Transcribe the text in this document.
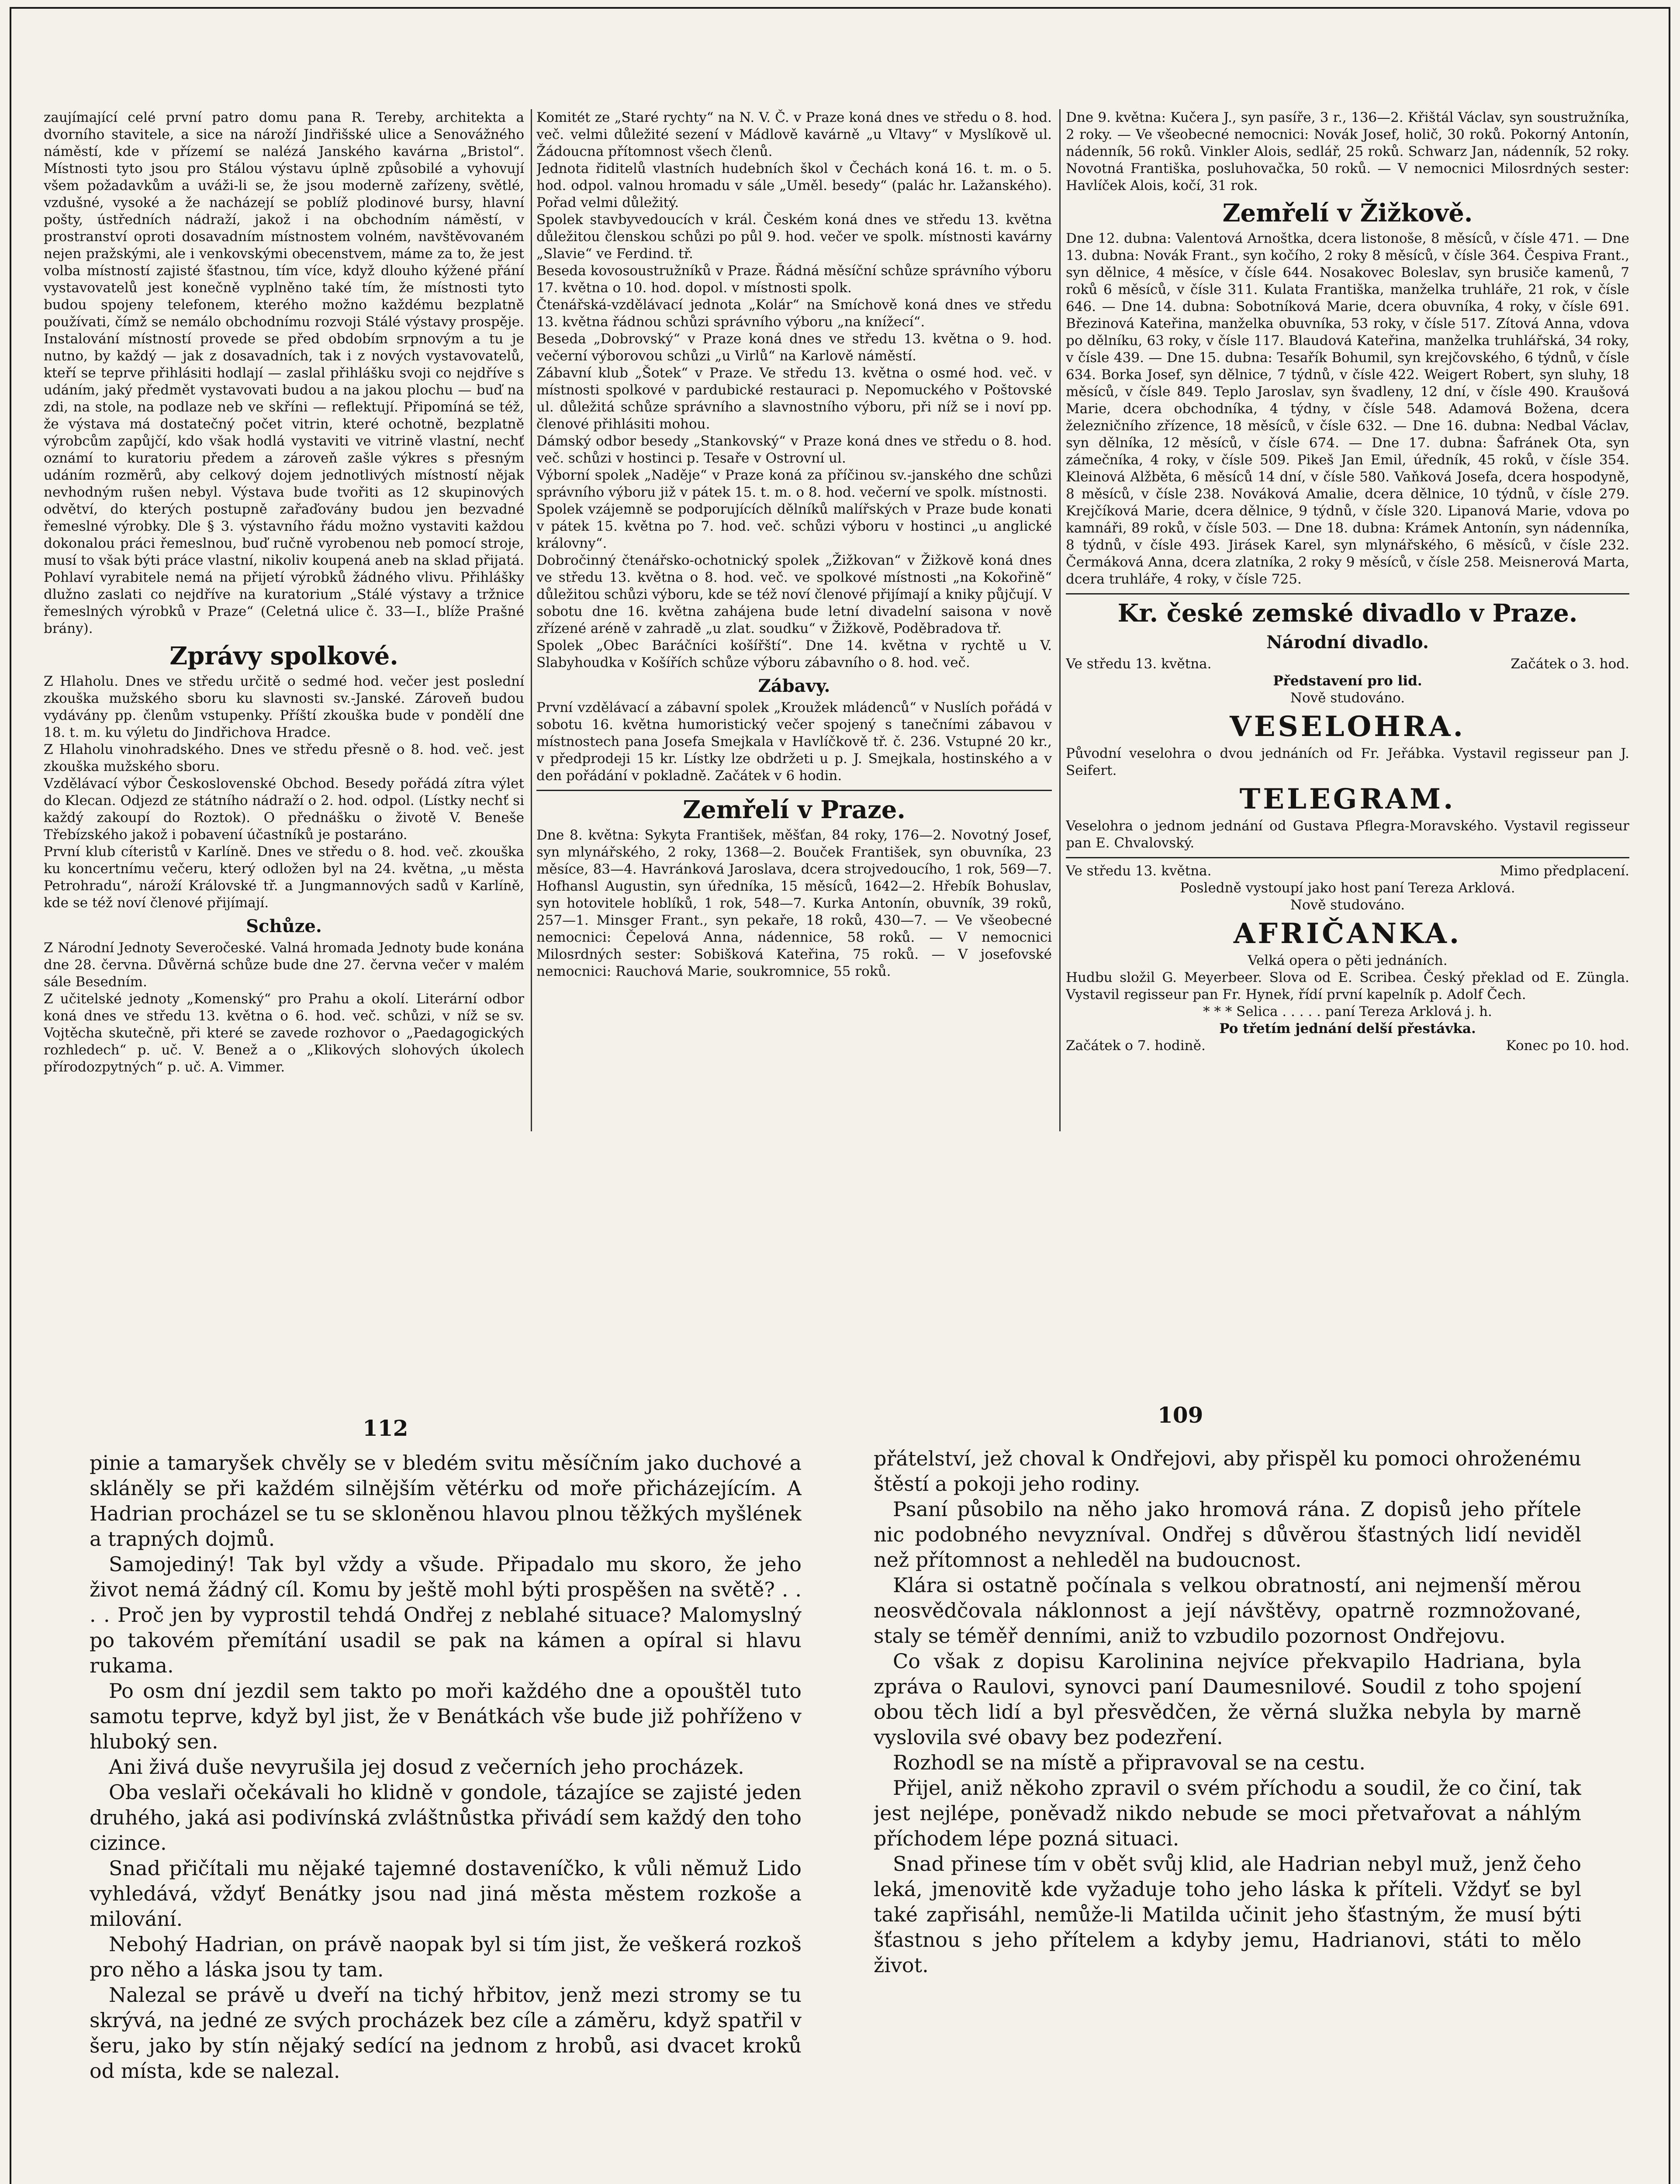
zaujímající celé první patro domu pana R. Tereby, architekta a dvorního stavitele, a sice na nároží Jindřišské ulice a Senovážného náměstí, kde v přízemí se nalézá Janského kavárna „Bristol“. Místnosti tyto jsou pro Stálou výstavu úplně způsobilé a vyhovují všem požadavkům a uváži-li se, že jsou moderně zařízeny, světlé, vzdušné, vysoké a že nacházejí se poblíž plodinové bursy, hlavní pošty, ústředních nádraží, jakož i na obchodním náměstí, v prostranství oproti dosavadním místnostem volném, navštěvovaném nejen pražskými, ale i venkovskými obecenstvem, máme za to, že jest volba místností zajisté šťastnou, tím více, když dlouho kýžené přání vystavovatelů jest konečně vyplněno také tím, že místnosti tyto budou spojeny telefonem, kterého možno každému bezplatně používati, čímž se nemálo obchodnímu rozvoji Stálé výstavy prospěje. Instalování místností provede se před obdobím srpnovým a tu je nutno, by každý — jak z dosavadních, tak i z nových vystavovatelů, kteří se teprve přihlásiti hodlají — zaslal přihlášku svoji co nejdříve s udáním, jaký předmět vystavovati budou a na jakou plochu — buď na zdi, na stole, na podlaze neb ve skříni — reflektují. Připomíná se též, že výstava má dostatečný počet vitrin, které ochotně, bezplatně výrobcům zapůjčí, kdo však hodlá vystaviti ve vitrině vlastní, nechť oznámí to kuratoriu předem a zároveň zašle výkres s přesným udáním rozměrů, aby celkový dojem jednotlivých místností nějak nevhodným rušen nebyl. Výstava bude tvořiti as 12 skupinových odvětví, do kterých postupně zařaďovány budou jen bezvadné řemeslné výrobky. Dle § 3. výstavního řádu možno vystaviti každou dokonalou práci řemeslnou, buď ručně vyrobenou neb pomocí stroje, musí to však býti práce vlastní, nikoliv koupená aneb na sklad přijatá. Pohlaví vyrabitele nemá na přijetí výrobků žádného vlivu. Přihlášky dlužno zaslati co nejdříve na kuratorium „Stálé výstavy a tržnice řemeslných výrobků v Praze“ (Celetná ulice č. 33—I., blíže Prašné brány).

Zprávy spolkové.

Z Hlaholu. Dnes ve středu určitě o sedmé hod. večer jest poslední zkouška mužského sboru ku slavnosti sv.-Janské. Zároveň budou vydávány pp. členům vstupenky. Příští zkouška bude v pondělí dne 18. t. m. ku výletu do Jindřichova Hradce.

Z Hlaholu vinohradského. Dnes ve středu přesně o 8. hod. več. jest zkouška mužského sboru.

Vzdělávací výbor Československé Obchod. Besedy pořádá zítra výlet do Klecan. Odjezd ze státního nádraží o 2. hod. odpol. (Lístky nechť si každý zakoupí do Roztok). O přednášku o životě V. Beneše Třebízského jakož i pobavení účastníků je postaráno.

První klub cíteristů v Karlíně. Dnes ve středu o 8. hod. več. zkouška ku koncertnímu večeru, který odložen byl na 24. května, „u města Petrohradu“, nároží Královské tř. a Jungmannových sadů v Karlíně, kde se též noví členové přijímají.

Schůze.

Z Národní Jednoty Severočeské. Valná hromada Jednoty bude konána dne 28. června. Důvěrná schůze bude dne 27. června večer v malém sále Besedním.

Z učitelské jednoty „Komenský“ pro Prahu a okolí. Literární odbor koná dnes ve středu 13. května o 6. hod. več. schůzi, v níž se sv. Vojtěcha skutečně, při které se zavede rozhovor o „Paedagogických rozhledech“ p. uč. V. Benež a o „Klikových slohových úkolech přírodozpytných“ p. uč. A. Vimmer.

Komitét ze „Staré rychty“ na N. V. Č. v Praze koná dnes ve středu o 8. hod. več. velmi důležité sezení v Mádlově kavárně „u Vltavy“ v Myslíkově ul. Žádoucna přítomnost všech členů.

Jednota řiditelů vlastních hudebních škol v Čechách koná 16. t. m. o 5. hod. odpol. valnou hromadu v sále „Uměl. besedy“ (palác hr. Lažanského). Pořad velmi důležitý.

Spolek stavbyvedoucích v král. Českém koná dnes ve středu 13. května důležitou členskou schůzi po půl 9. hod. večer ve spolk. místnosti kavárny „Slavie“ ve Ferdind. tř.

Beseda kovosoustružníků v Praze. Řádná měsíční schůze správního výboru 17. května o 10. hod. dopol. v místnosti spolk.

Čtenářská-vzdělávací jednota „Kolár“ na Smíchově koná dnes ve středu 13. května řádnou schůzi správního výboru „na knížecí“.

Beseda „Dobrovský“ v Praze koná dnes ve středu 13. května o 9. hod. večerní výborovou schůzi „u Virlů“ na Karlově náměstí.

Zábavní klub „Šotek“ v Praze. Ve středu 13. května o osmé hod. več. v místnosti spolkové v pardubické restauraci p. Nepomuckého v Poštovské ul. důležitá schůze správního a slavnostního výboru, při níž se i noví pp. členové přihlásiti mohou.

Dámský odbor besedy „Stankovský“ v Praze koná dnes ve středu o 8. hod. več. schůzi v hostinci p. Tesaře v Ostrovní ul.

Výborní spolek „Naděje“ v Praze koná za příčinou sv.-janského dne schůzi správního výboru již v pátek 15. t. m. o 8. hod. večerní ve spolk. místnosti.

Spolek vzájemně se podporujících dělníků malířských v Praze bude konati v pátek 15. května po 7. hod. več. schůzi výboru v hostinci „u anglické královny“.

Dobročinný čtenářsko-ochotnický spolek „Žižkovan“ v Žižkově koná dnes ve středu 13. května o 8. hod. več. ve spolkové místnosti „na Kokořině“ důležitou schůzi výboru, kde se též noví členové přijímají a kniky půjčují. V sobotu dne 16. května zahájena bude letní divadelní saisona v nově zřízené aréně v zahradě „u zlat. soudku“ v Žižkově, Poděbradova tř.

Spolek „Obec Baráčníci košířští“. Dne 14. května v rychtě u V. Slabyhoudka v Košířích schůze výboru zábavního o 8. hod. več.

Zábavy.

První vzdělávací a zábavní spolek „Kroužek mládenců“ v Nuslích pořádá v sobotu 16. května humoristický večer spojený s tanečními zábavou v místnostech pana Josefa Smejkala v Havlíčkově tř. č. 236. Vstupné 20 kr., v předprodeji 15 kr. Lístky lze obdržeti u p. J. Smejkala, hostinského a v den pořádání v pokladně. Začátek v 6 hodin.

Zemřelí v Praze.

Dne 8. května: Sykyta František, měšťan, 84 roky, 176—2. Novotný Josef, syn mlynářského, 2 roky, 1368—2. Bouček František, syn obuvníka, 23 měsíce, 83—4. Havránková Jaroslava, dcera strojvedoucího, 1 rok, 569—7. Hofhansl Augustin, syn úředníka, 15 měsíců, 1642—2. Hřebík Bohuslav, syn hotovitele hoblíků, 1 rok, 548—7. Kurka Antonín, obuvník, 39 roků, 257—1. Minsger Frant., syn pekaře, 18 roků, 430—7. — Ve všeobecné nemocnici: Čepelová Anna, nádennice, 58 roků. — V nemocnici Milosrdných sester: Sobišková Kateřina, 75 roků. — V josefovské nemocnici: Rauchová Marie, soukromnice, 55 roků.

Dne 9. května: Kučera J., syn pasíře, 3 r., 136—2. Křištál Václav, syn soustružníka, 2 roky. — Ve všeobecné nemocnici: Novák Josef, holič, 30 roků. Pokorný Antonín, nádenník, 56 roků. Vinkler Alois, sedlář, 25 roků. Schwarz Jan, nádenník, 52 roky. Novotná Františka, posluhovačka, 50 roků. — V nemocnici Milosrdných sester: Havlíček Alois, kočí, 31 rok.

Zemřelí v Žižkově.

Dne 12. dubna: Valentová Arnoštka, dcera listonoše, 8 měsíců, v čísle 471. — Dne 13. dubna: Novák Frant., syn kočího, 2 roky 8 měsíců, v čísle 364. Čespiva Frant., syn dělnice, 4 měsíce, v čísle 644. Nosakovec Boleslav, syn brusiče kamenů, 7 roků 6 měsíců, v čísle 311. Kulata Františka, manželka truhláře, 21 rok, v čísle 646. — Dne 14. dubna: Sobotníková Marie, dcera obuvníka, 4 roky, v čísle 691. Březinová Kateřina, manželka obuvníka, 53 roky, v čísle 517. Zítová Anna, vdova po dělníku, 63 roky, v čísle 117. Blaudová Kateřina, manželka truhlářská, 34 roky, v čísle 439. — Dne 15. dubna: Tesařík Bohumil, syn krejčovského, 6 týdnů, v čísle 634. Borka Josef, syn dělnice, 7 týdnů, v čísle 422. Weigert Robert, syn sluhy, 18 měsíců, v čísle 849. Teplo Jaroslav, syn švadleny, 12 dní, v čísle 490. Kraušová Marie, dcera obchodníka, 4 týdny, v čísle 548. Adamová Božena, dcera železničního zřízence, 18 měsíců, v čísle 632. — Dne 16. dubna: Nedbal Václav, syn dělníka, 12 měsíců, v čísle 674. — Dne 17. dubna: Šafránek Ota, syn zámečníka, 4 roky, v čísle 509. Pikeš Jan Emil, úředník, 45 roků, v čísle 354. Kleinová Alžběta, 6 měsíců 14 dní, v čísle 580. Vaňková Josefa, dcera hospodyně, 8 měsíců, v čísle 238. Nováková Amalie, dcera dělnice, 10 týdnů, v čísle 279. Krejčíková Marie, dcera dělnice, 9 týdnů, v čísle 320. Lipanová Marie, vdova po kamnáři, 89 roků, v čísle 503. — Dne 18. dubna: Krámek Antonín, syn nádenníka, 8 týdnů, v čísle 493. Jirásek Karel, syn mlynářského, 6 měsíců, v čísle 232. Čermáková Anna, dcera zlatníka, 2 roky 9 měsíců, v čísle 258. Meisnerová Marta, dcera truhláře, 4 roky, v čísle 725.

Kr. české zemské divadlo v Praze.
Národní divadlo.
Ve středu 13. května.	Začátek o 3. hod.

Představení pro lid.

Nově studováno.

VESELOHRA.

Původní veselohra o dvou jednáních od Fr. Jeřábka. Vystavil regisseur pan J. Seifert.

TELEGRAM.

Veselohra o jednom jednání od Gustava Pflegra-Moravského. Vystavil regisseur pan E. Chvalovský.

Ve středu 13. května.	Mimo předplacení.

Posledně vystoupí jako host paní Tereza Arklová.

Nově studováno.

AFRIČANKA.

Velká opera o pěti jednáních.

Hudbu složil G. Meyerbeer. Slova od E. Scribea. Český překlad od E. Züngla. Vystavil regisseur pan Fr. Hynek, řídí první kapelník p. Adolf Čech.

* * * Selica . . . . . paní Tereza Arklová j. h.

Po třetím jednání delší přestávka.

Začátek o 7. hodině.	Konec po 10. hod.
112

pinie a tamaryšek chvěly se v bledém svitu měsíčním jako duchové a skláněly se při každém silnějším větérku od moře přicházejícím. A Hadrian procházel se tu se skloněnou hlavou plnou těžkých myšlének a trapných dojmů.

Samojediný! Tak byl vždy a všude. Připadalo mu skoro, že jeho život nemá žádný cíl. Komu by ještě mohl býti prospěšen na světě? . . . . Proč jen by vyprostil tehdá Ondřej z neblahé situace? Malomyslný po takovém přemítání usadil se pak na kámen a opíral si hlavu rukama.

Po osm dní jezdil sem takto po moři každého dne a opouštěl tuto samotu teprve, když byl jist, že v Benátkách vše bude již pohříženo v hluboký sen.

Ani živá duše nevyrušila jej dosud z večerních jeho procházek.

Oba veslaři očekávali ho klidně v gondole, tázajíce se zajisté jeden druhého, jaká asi podivínská zvláštnůstka přivádí sem každý den toho cizince.

Snad přičítali mu nějaké tajemné dostaveníčko, k vůli němuž Lido vyhledává, vždyť Benátky jsou nad jiná města městem rozkoše a milování.

Nebohý Hadrian, on právě naopak byl si tím jist, že veškerá rozkoš pro něho a láska jsou ty tam.

Nalezal se právě u dveří na tichý hřbitov, jenž mezi stromy se tu skrývá, na jedné ze svých procházek bez cíle a záměru, když spatřil v šeru, jako by stín nějaký sedící na jednom z hrobů, asi dvacet kroků od místa, kde se nalezal.

109

přátelství, jež choval k Ondřejovi, aby přispěl ku pomoci ohroženému štěstí a pokoji jeho rodiny.

Psaní působilo na něho jako hromová rána. Z dopisů jeho přítele nic podobného nevyzníval. Ondřej s důvěrou šťastných lidí neviděl než přítomnost a nehleděl na budoucnost.

Klára si ostatně počínala s velkou obratností, ani nejmenší měrou neosvědčovala náklonnost a její návštěvy, opatrně rozmnožované, staly se téměř denními, aniž to vzbudilo pozornost Ondřejovu.

Co však z dopisu Karolinina nejvíce překvapilo Hadriana, byla zpráva o Raulovi, synovci paní Daumesnilové. Soudil z toho spojení obou těch lidí a byl přesvědčen, že věrná služka nebyla by marně vyslovila své obavy bez podezření.

Rozhodl se na místě a připravoval se na cestu.

Přijel, aniž někoho zpravil o svém příchodu a soudil, že co činí, tak jest nejlépe, poněvadž nikdo nebude se moci přetvařovat a náhlým příchodem lépe pozná situaci.

Snad přinese tím v obět svůj klid, ale Hadrian nebyl muž, jenž čeho leká, jmenovitě kde vyžaduje toho jeho láska k příteli. Vždyť se byl také zapřisáhl, nemůže-li Matilda učinit jeho šťastným, že musí býti šťastnou s jeho přítelem a kdyby jemu, Hadrianovi, státi to mělo život.
